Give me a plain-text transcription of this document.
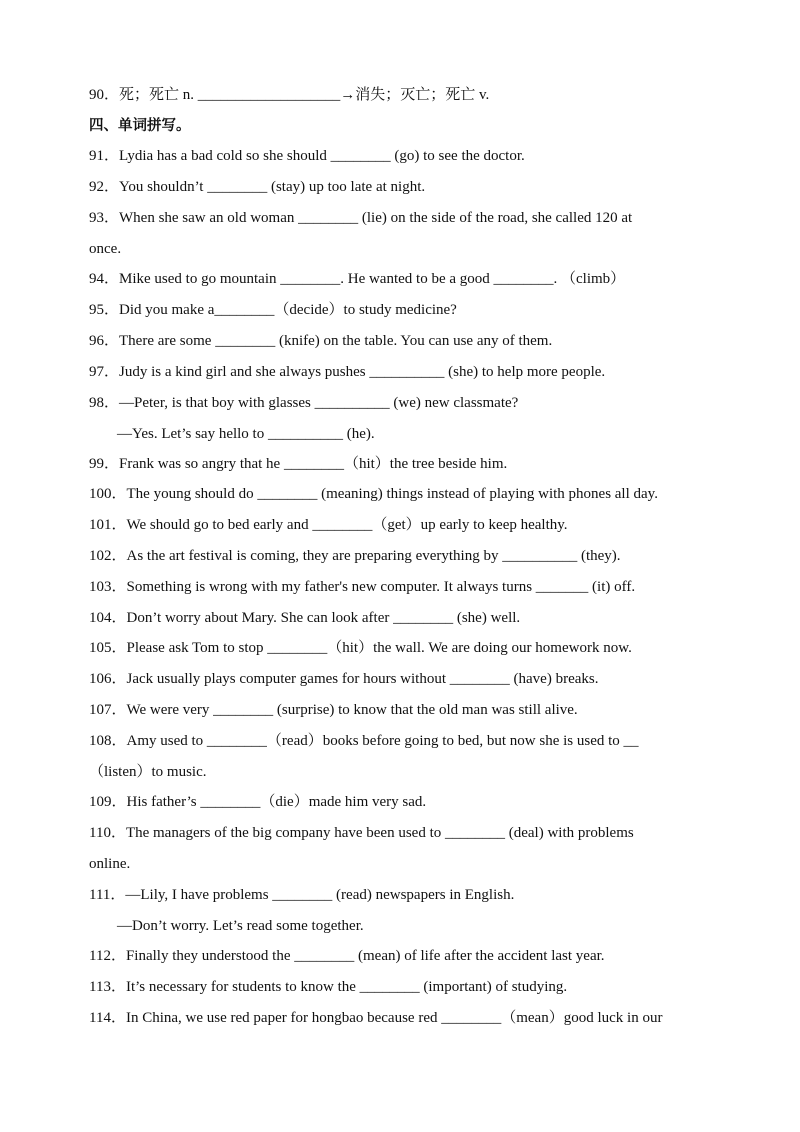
90．死；死亡 n. ___________________→消失；灭亡；死亡 v.
四、单词拼写。
91．Lydia has a bad cold so she should ________ (go) to see the doctor.
92．You shouldn’t ________ (stay) up too late at night.
93．When she saw an old woman ________ (lie) on the side of the road, she called 120 at
once.
94．Mike used to go mountain ________. He wanted to be a good ________. （climb）
95．Did you make a________（decide）to study medicine?
96．There are some ________ (knife) on the table. You can use any of them.
97．Judy is a kind girl and she always pushes __________ (she) to help more people.
98．—Peter, is that boy with glasses __________ (we) new classmate?
—Yes. Let’s say hello to __________ (he).
99．Frank was so angry that he ________（hit）the tree beside him.
100．The young should do ________ (meaning) things instead of playing with phones all day.
101．We should go to bed early and ________（get）up early to keep healthy.
102．As the art festival is coming, they are preparing everything by __________ (they).
103．Something is wrong with my father's new computer. It always turns _______ (it) off.
104．Don’t worry about Mary. She can look after ________ (she) well.
105．Please ask Tom to stop ________（hit）the wall. We are doing our homework now.
106．Jack usually plays computer games for hours without ________ (have) breaks.
107．We were very ________ (surprise) to know that the old man was still alive.
108．Amy used to ________（read）books before going to bed, but now she is used to __
（listen）to music.
109．His father’s ________（die）made him very sad.
110．The managers of the big company have been used to ________ (deal) with problems
online.
111．—Lily, I have problems ________ (read) newspapers in English.
—Don’t worry. Let’s read some together.
112．Finally they understood the ________ (mean) of life after the accident last year.
113．It’s necessary for students to know the ________ (important) of studying.
114．In China, we use red paper for hongbao because red ________（mean）good luck in our
